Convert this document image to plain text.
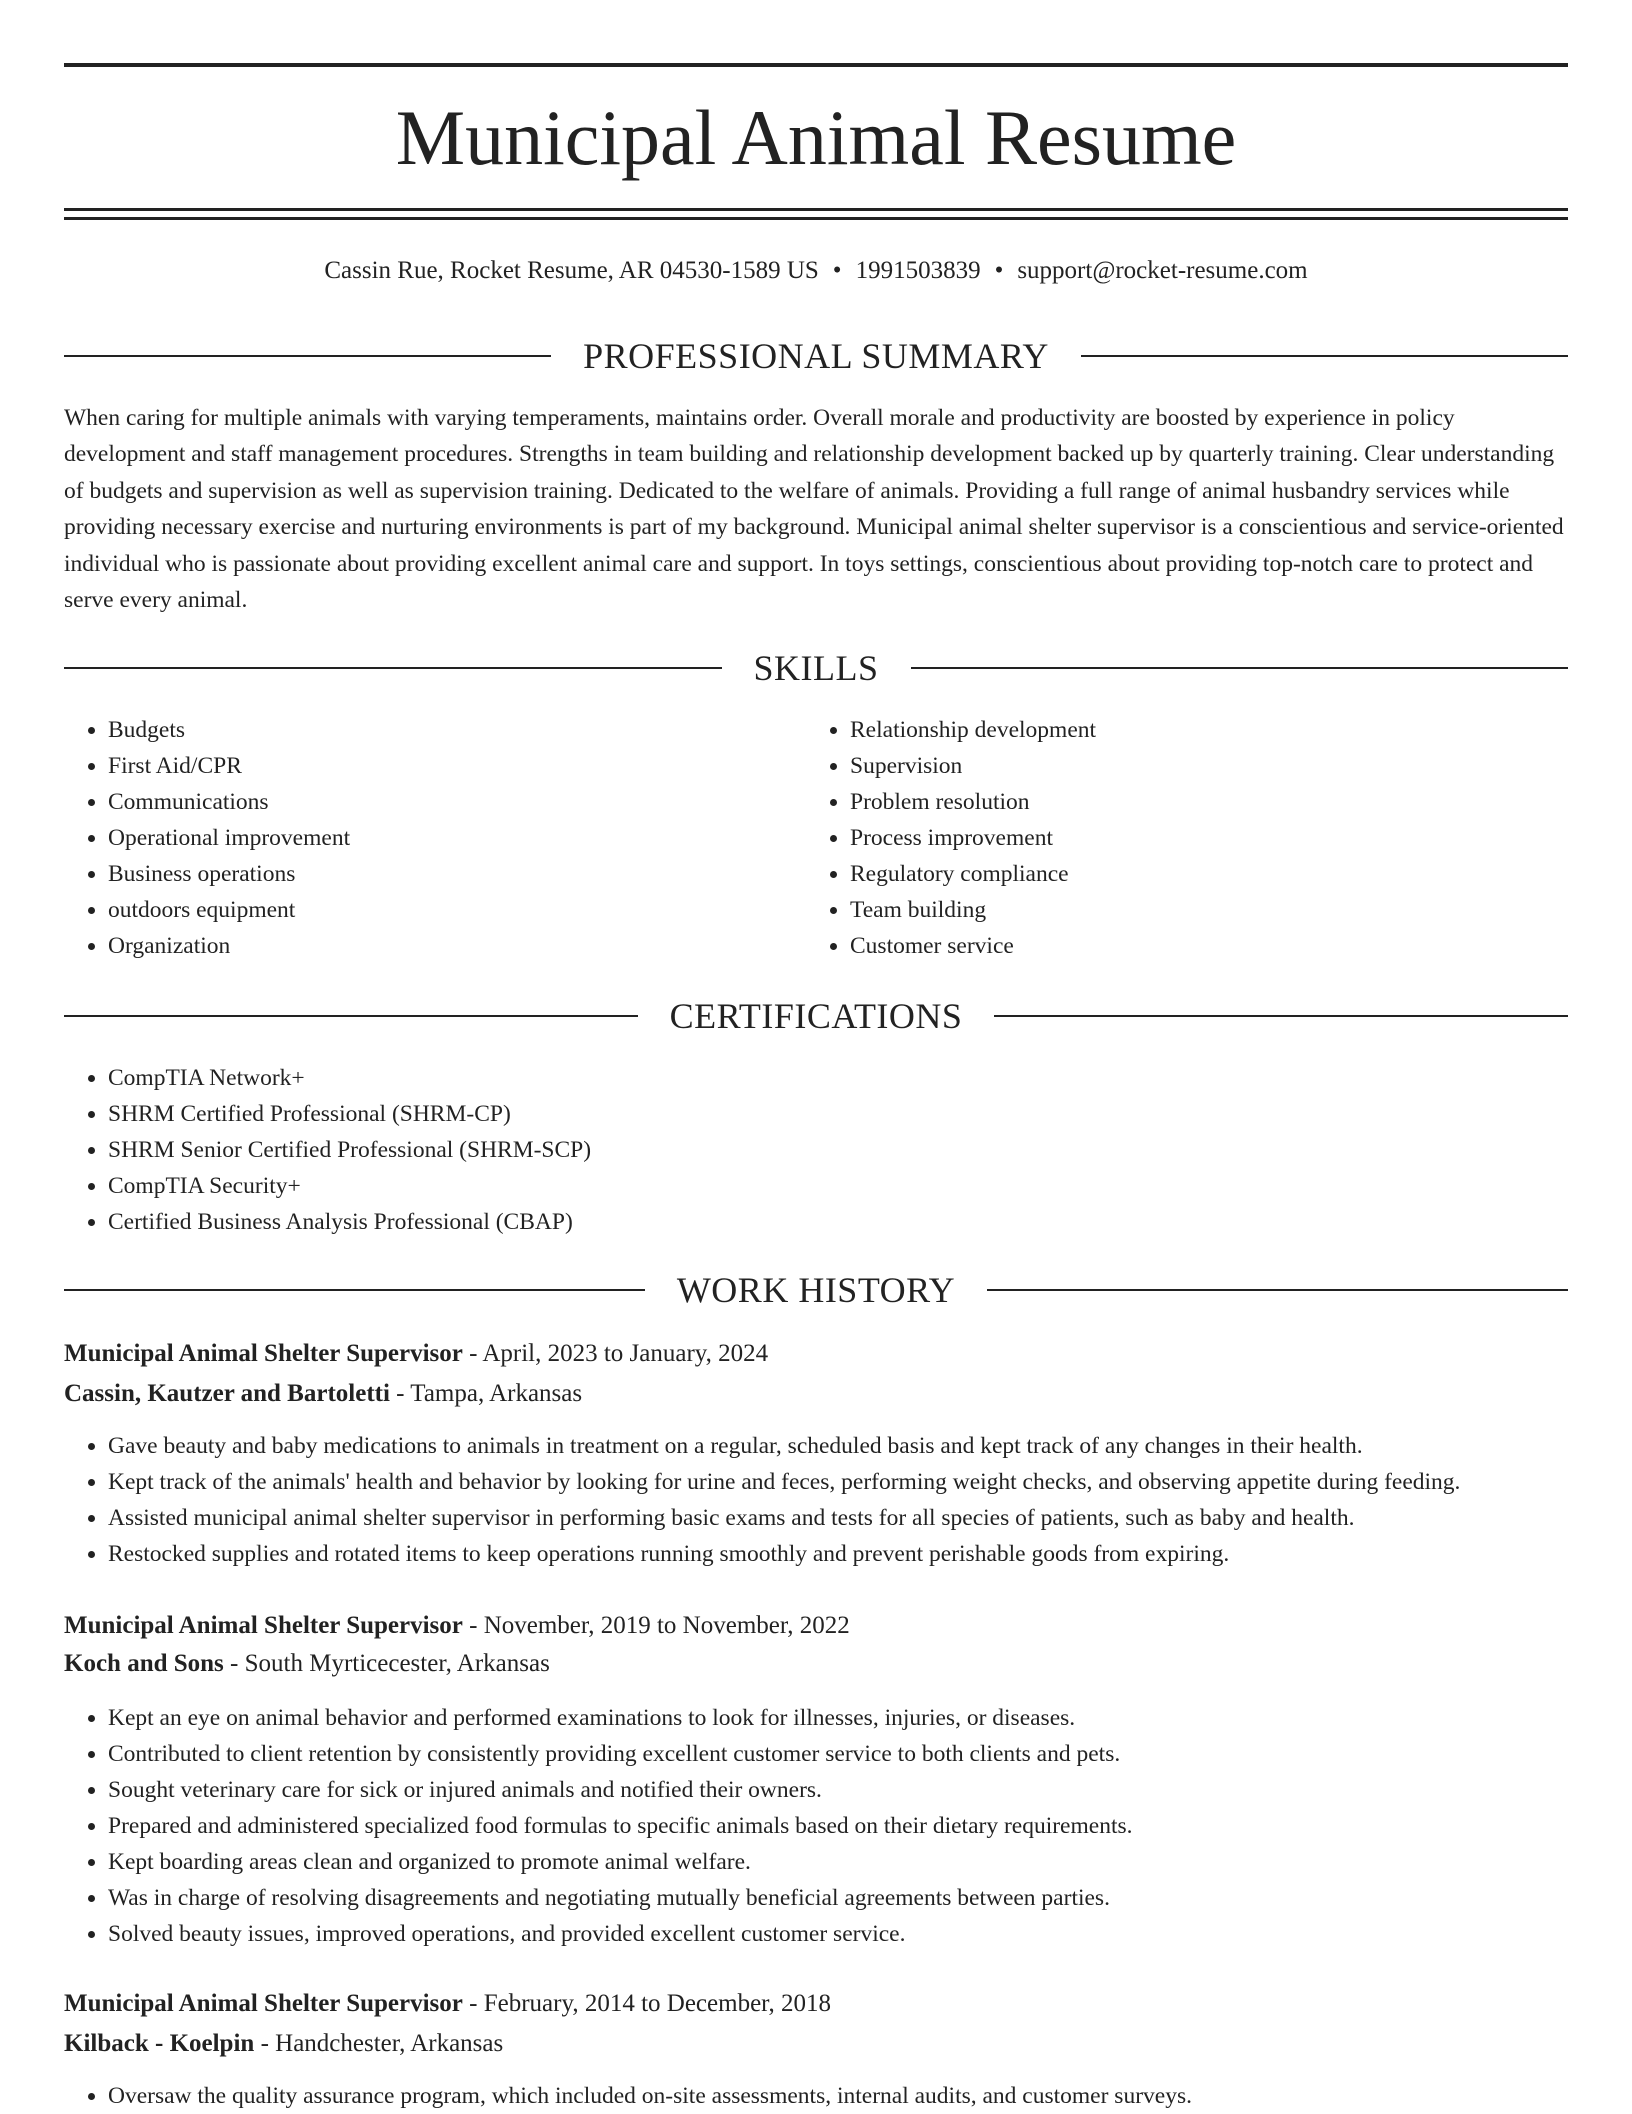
Municipal Animal Resume
Cassin Rue, Rocket Resume, AR 04530-1589 US • 1991503839 • support@rocket-resume.com
PROFESSIONAL SUMMARY

When caring for multiple animals with varying temperaments, maintains order. Overall morale and productivity are boosted by experience in policy development and staff management procedures. Strengths in team building and relationship development backed up by quarterly training. Clear understanding of budgets and supervision as well as supervision training. Dedicated to the welfare of animals. Providing a full range of animal husbandry services while providing necessary exercise and nurturing environments is part of my background. Municipal animal shelter supervisor is a conscientious and service-oriented individual who is passionate about providing excellent animal care and support. In toys settings, conscientious about providing top-notch care to protect and serve every animal.

SKILLS
• Budgets
• First Aid/CPR
• Communications
• Operational improvement
• Business operations
• outdoors equipment
• Organization
• Relationship development
• Supervision
• Problem resolution
• Process improvement
• Regulatory compliance
• Team building
• Customer service
CERTIFICATIONS
• CompTIA Network+
• SHRM Certified Professional (SHRM-CP)
• SHRM Senior Certified Professional (SHRM-SCP)
• CompTIA Security+
• Certified Business Analysis Professional (CBAP)
WORK HISTORY
Municipal Animal Shelter Supervisor - April, 2023 to January, 2024
Cassin, Kautzer and Bartoletti - Tampa, Arkansas
• Gave beauty and baby medications to animals in treatment on a regular, scheduled basis and kept track of any changes in their health.
• Kept track of the animals' health and behavior by looking for urine and feces, performing weight checks, and observing appetite during feeding.
• Assisted municipal animal shelter supervisor in performing basic exams and tests for all species of patients, such as baby and health.
• Restocked supplies and rotated items to keep operations running smoothly and prevent perishable goods from expiring.
Municipal Animal Shelter Supervisor - November, 2019 to November, 2022
Koch and Sons - South Myrticecester, Arkansas
• Kept an eye on animal behavior and performed examinations to look for illnesses, injuries, or diseases.
• Contributed to client retention by consistently providing excellent customer service to both clients and pets.
• Sought veterinary care for sick or injured animals and notified their owners.
• Prepared and administered specialized food formulas to specific animals based on their dietary requirements.
• Kept boarding areas clean and organized to promote animal welfare.
• Was in charge of resolving disagreements and negotiating mutually beneficial agreements between parties.
• Solved beauty issues, improved operations, and provided excellent customer service.
Municipal Animal Shelter Supervisor - February, 2014 to December, 2018
Kilback - Koelpin - Handchester, Arkansas
• Oversaw the quality assurance program, which included on-site assessments, internal audits, and customer surveys.
